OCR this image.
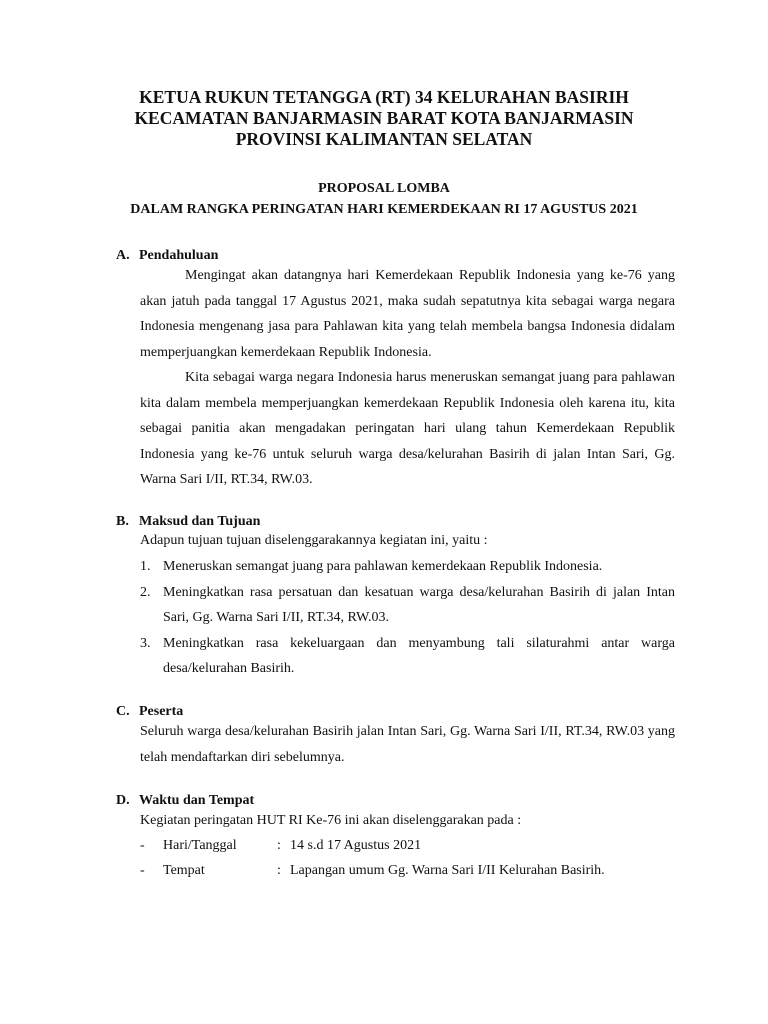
KETUA RUKUN TETANGGA (RT) 34 KELURAHAN BASIRIH
KECAMATAN BANJARMASIN BARAT KOTA BANJARMASIN
PROVINSI KALIMANTAN SELATAN
PROPOSAL LOMBA
DALAM RANGKA PERINGATAN HARI KEMERDEKAAN RI 17 AGUSTUS 2021
A. Pendahuluan
Mengingat akan datangnya hari Kemerdekaan Republik Indonesia yang ke-76 yang akan jatuh pada tanggal 17 Agustus 2021, maka sudah sepatutnya kita sebagai warga negara Indonesia mengenang jasa para Pahlawan kita yang telah membela bangsa Indonesia didalam memperjuangkan kemerdekaan Republik Indonesia.
Kita sebagai warga negara Indonesia harus meneruskan semangat juang para pahlawan kita dalam membela memperjuangkan kemerdekaan Republik Indonesia oleh karena itu, kita sebagai panitia akan mengadakan peringatan hari ulang tahun Kemerdekaan Republik Indonesia yang ke-76 untuk seluruh warga desa/kelurahan Basirih di jalan Intan Sari, Gg. Warna Sari I/II, RT.34, RW.03.
B. Maksud dan Tujuan
Adapun tujuan tujuan diselenggarakannya kegiatan ini, yaitu :
1. Meneruskan semangat juang para pahlawan kemerdekaan Republik Indonesia.
2. Meningkatkan rasa persatuan dan kesatuan warga desa/kelurahan Basirih di jalan Intan Sari, Gg. Warna Sari I/II, RT.34, RW.03.
3. Meningkatkan rasa kekeluargaan dan menyambung tali silaturahmi antar warga desa/kelurahan Basirih.
C. Peserta
Seluruh warga desa/kelurahan Basirih jalan Intan Sari, Gg. Warna Sari I/II, RT.34, RW.03 yang telah mendaftarkan diri sebelumnya.
D. Waktu dan Tempat
Kegiatan peringatan HUT RI Ke-76 ini akan diselenggarakan pada :
- Hari/Tanggal	: 14 s.d 17 Agustus 2021
- Tempat	: Lapangan umum Gg. Warna Sari I/II Kelurahan Basirih.
